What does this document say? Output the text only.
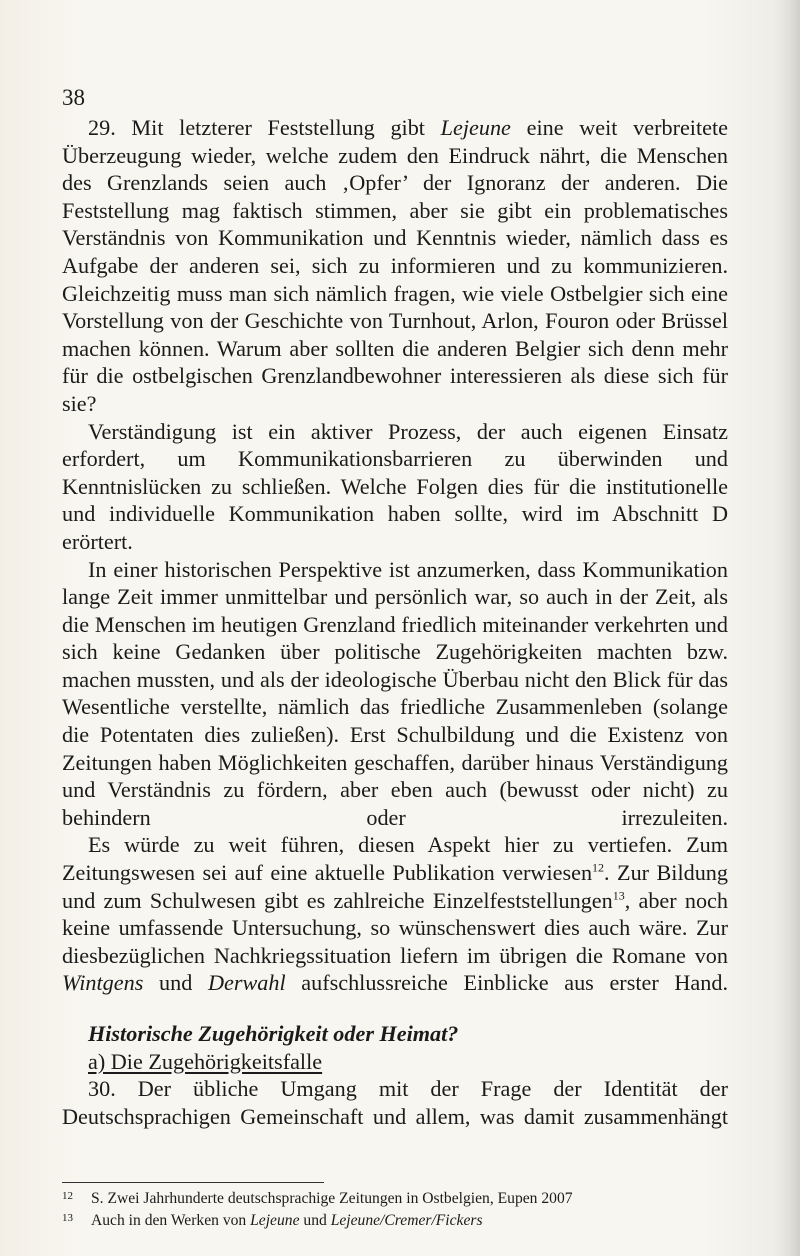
38

29. Mit letzterer Feststellung gibt Lejeune eine weit verbreitete Überzeugung wieder, welche zudem den Eindruck nährt, die Menschen des Grenzlands seien auch ‚Opfer’ der Ignoranz der anderen. Die Feststellung mag faktisch stimmen, aber sie gibt ein problematisches Verständnis von Kommunikation und Kenntnis wieder, nämlich dass es Aufgabe der anderen sei, sich zu informieren und zu kommunizieren. Gleichzeitig muss man sich nämlich fragen, wie viele Ostbelgier sich eine Vorstellung von der Geschichte von Turnhout, Arlon, Fouron oder Brüssel machen können. Warum aber sollten die anderen Belgier sich denn mehr für die ostbelgischen Grenzlandbewohner interessieren als diese sich für sie?

Verständigung ist ein aktiver Prozess, der auch eigenen Einsatz erfordert, um Kommunikationsbarrieren zu überwinden und Kenntnislücken zu schließen. Welche Folgen dies für die institutionelle und individuelle Kommunikation haben sollte, wird im Abschnitt D erörtert.

In einer historischen Perspektive ist anzumerken, dass Kommunikation lange Zeit immer unmittelbar und persönlich war, so auch in der Zeit, als die Menschen im heutigen Grenzland friedlich miteinander verkehrten und sich keine Gedanken über politische Zugehörigkeiten machten bzw. machen mussten, und als der ideologische Überbau nicht den Blick für das Wesentliche verstellte, nämlich das friedliche Zusammenleben (solange die Potentaten dies zuließen). Erst Schulbildung und die Existenz von Zeitungen haben Möglichkeiten geschaffen, darüber hinaus Verständigung und Verständnis zu fördern, aber eben auch (bewusst oder nicht) zu behindern oder irrezuleiten.

Es würde zu weit führen, diesen Aspekt hier zu vertiefen. Zum Zeitungswesen sei auf eine aktuelle Publikation verwiesen$^{12}$. Zur Bildung und zum Schulwesen gibt es zahlreiche Einzelfeststellungen$^{13}$, aber noch keine umfassende Untersuchung, so wünschenswert dies auch wäre. Zur diesbezüglichen Nachkriegssituation liefern im übrigen die Romane von Wintgens und Derwahl aufschlussreiche Einblicke aus erster Hand.

Historische Zugehörigkeit oder Heimat?
a) Die Zugehörigkeitsfalle

30. Der übliche Umgang mit der Frage der Identität der Deutschsprachigen Gemeinschaft und allem, was damit zusammenhängt

12	S. Zwei Jahrhunderte deutschsprachige Zeitungen in Ostbelgien, Eupen 2007
13	Auch in den Werken von Lejeune und Lejeune/Cremer/Fickers
